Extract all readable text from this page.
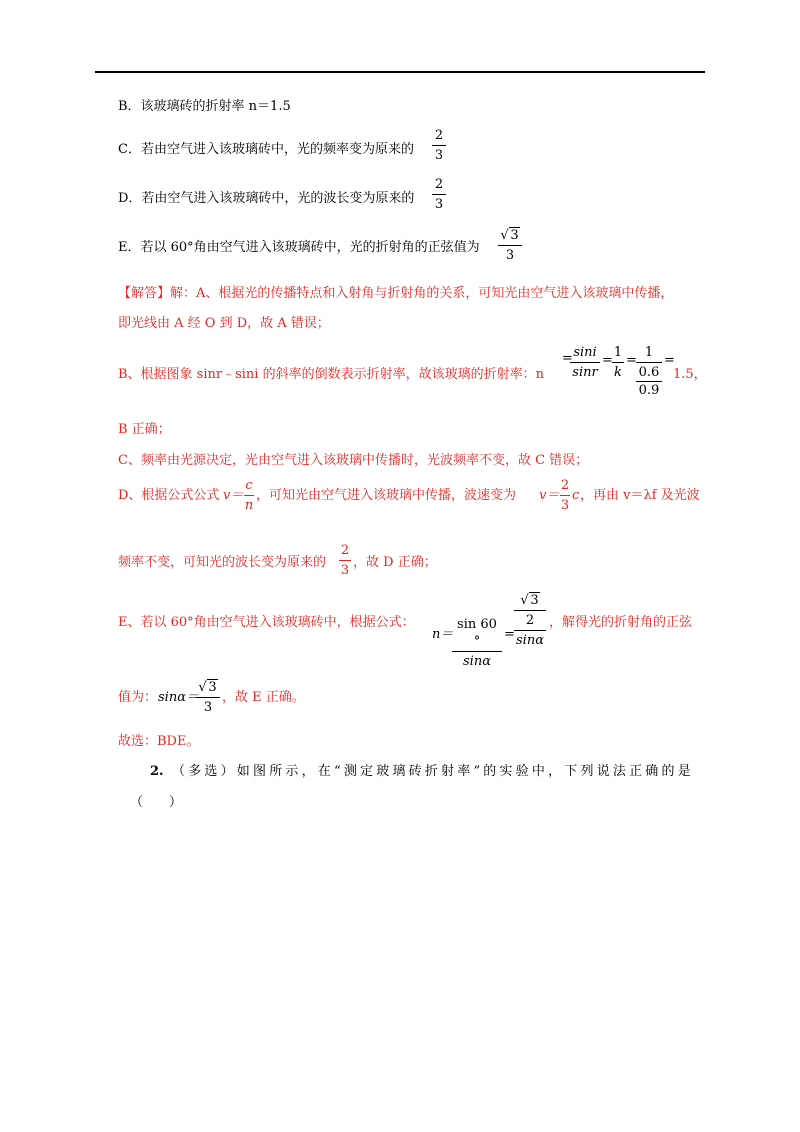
B．该玻璃砖的折射率 n＝1.5
C．若由空气进入该玻璃砖中，光的频率变为原来的
2
3
D．若由空气进入该玻璃砖中，光的波长变为原来的
2
3
E．若以 60°角由空气进入该玻璃砖中，光的折射角的正弦值为
√ 3
3
【解答】解：A、根据光的传播特点和入射角与折射角的关系，可知光由空气进入该玻璃中传播，
即光线由 A 经 O 到 D，故 A 错误；
B、根据图象 sinr﹣sini 的斜率的倒数表示折射率，故该玻璃的折射率：n
= sini
sinr
=
1
k
=
1
0.6
0.9
=
1.5，
B 正确；
C、频率由光源决定，光由空气进入该玻璃中传播时，光波频率不变，故 C 错误；
D、根据公式公式 v＝
c
n
，可知光由空气进入该玻璃中传播，波速变为 v＝
2
3
c ，再由 v＝λf 及光波
频率不变，可知光的波长变为原来的
2
3
，故 D 正确；
E、若以 60°角由空气进入该玻璃砖中，根据公式：
n＝
sin 60 °
sinα
=
√ 3
2
sinα
，解得光的折射角的正弦
值为： sinα＝
√ 3
3
，故 E 正确。
故选：BDE。
2. （多选）如图所示，在“测定玻璃砖折射率”的实验中，下列说法正确的是
（　　）
